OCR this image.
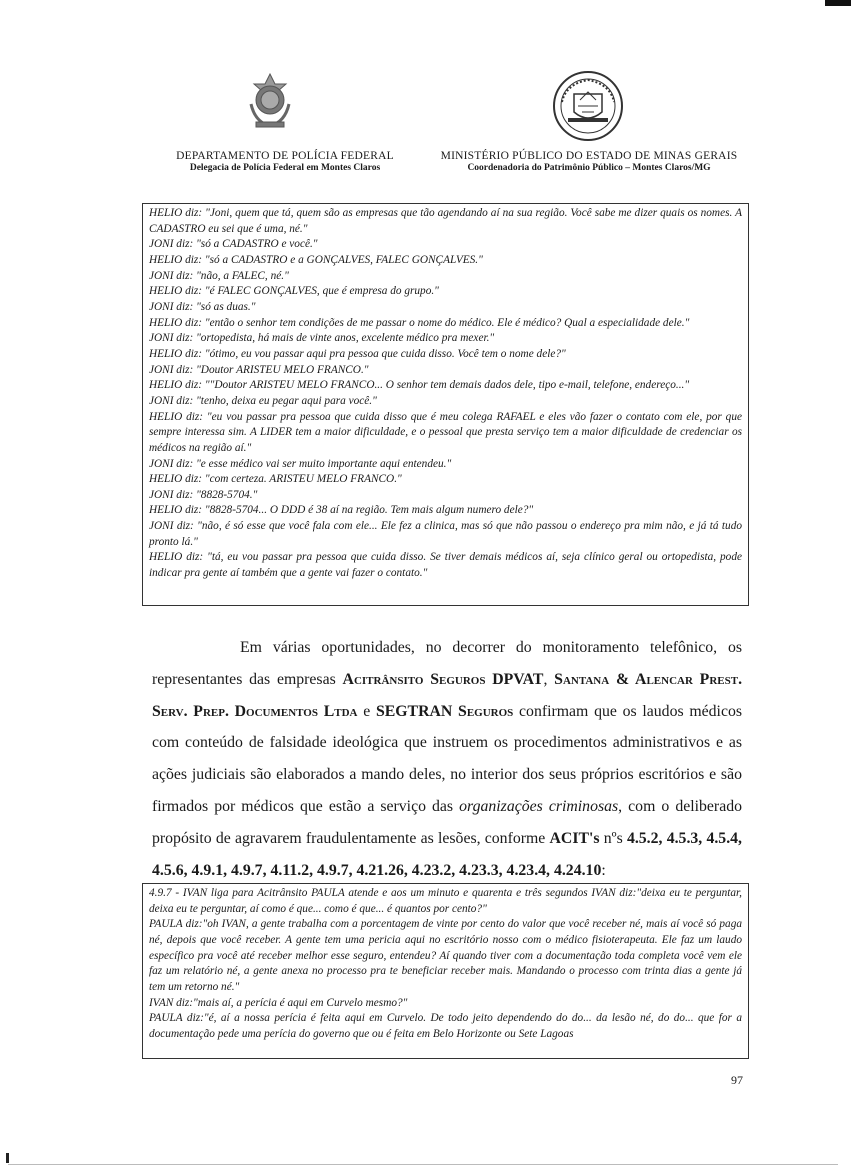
DEPARTAMENTO DE POLÍCIA FEDERAL
Delegacia de Polícia Federal em Montes Claros
MINISTÉRIO PÚBLICO DO ESTADO DE MINAS GERAIS
Coordenadoria do Patrimônio Público – Montes Claros/MG

HELIO diz: "Joni, quem que tá, quem são as empresas que tão agendando aí na sua região. Você sabe me dizer quais os nomes. A CADASTRO eu sei que é uma, né."

JONI diz: "só a CADASTRO e você."

HELIO diz: "só a CADASTRO e a GONÇALVES, FALEC GONÇALVES."

JONI diz: "não, a FALEC, né."

HELIO diz: "é FALEC GONÇALVES, que é empresa do grupo."

JONI diz: "só as duas."

HELIO diz: "então o senhor tem condições de me passar o nome do médico. Ele é médico? Qual a especialidade dele."

JONI diz: "ortopedista, há mais de vinte anos, excelente médico pra mexer."

HELIO diz: "ótimo, eu vou passar aqui pra pessoa que cuida disso. Você tem o nome dele?"

JONI diz: "Doutor ARISTEU MELO FRANCO."

HELIO diz: ""Doutor ARISTEU MELO FRANCO... O senhor tem demais dados dele, tipo e-mail, telefone, endereço..."

JONI diz: "tenho, deixa eu pegar aqui para você."

HELIO diz: "eu vou passar pra pessoa que cuida disso que é meu colega RAFAEL e eles vão fazer o contato com ele, por que sempre interessa sim. A LIDER tem a maior dificuldade, e o pessoal que presta serviço tem a maior dificuldade de credenciar os médicos na região aí."

JONI diz: "e esse médico vai ser muito importante aqui entendeu."

HELIO diz: "com certeza. ARISTEU MELO FRANCO."

JONI diz: "8828-5704."

HELIO diz: "8828-5704... O DDD é 38 aí na região. Tem mais algum numero dele?"

JONI diz: "não, é só esse que você fala com ele... Ele fez a clinica, mas só que não passou o endereço pra mim não, e já tá tudo pronto lá."

HELIO diz: "tá, eu vou passar pra pessoa que cuida disso. Se tiver demais médicos aí, seja clínico geral ou ortopedista, pode indicar pra gente aí também que a gente vai fazer o contato."

Em várias oportunidades, no decorrer do monitoramento telefônico, os representantes das empresas Acitrânsito Seguros DPVAT, Santana & Alencar Prest. Serv. Prep. Documentos Ltda e SEGTRAN Seguros confirmam que os laudos médicos com conteúdo de falsidade ideológica que instruem os procedimentos administrativos e as ações judiciais são elaborados a mando deles, no interior dos seus próprios escritórios e são firmados por médicos que estão a serviço das organizações criminosas, com o deliberado propósito de agravarem fraudulentamente as lesões, conforme ACIT's nºs 4.5.2, 4.5.3, 4.5.4, 4.5.6, 4.9.1, 4.9.7, 4.11.2, 4.9.7, 4.21.26, 4.23.2, 4.23.3, 4.23.4, 4.24.10:

4.9.7 - IVAN liga para Acitrânsito PAULA atende e aos um minuto e quarenta e três segundos IVAN diz:"deixa eu te perguntar, deixa eu te perguntar, aí como é que... como é que... é quantos por cento?"

PAULA diz:"oh IVAN, a gente trabalha com a porcentagem de vinte por cento do valor que você receber né, mais aí você só paga né, depois que você receber. A gente tem uma pericia aqui no escritório nosso com o médico fisioterapeuta. Ele faz um laudo específico pra você até receber melhor esse seguro, entendeu? Aí quando tiver com a documentação toda completa você vem ele faz um relatório né, a gente anexa no processo pra te beneficiar receber mais. Mandando o processo com trinta dias a gente já tem um retorno né."

IVAN diz:"mais aí, a perícia é aqui em Curvelo mesmo?"

PAULA diz:"é, aí a nossa perícia é feita aqui em Curvelo. De todo jeito dependendo do do... da lesão né, do do... que for a documentação pede uma perícia do governo que ou é feita em Belo Horizonte ou Sete Lagoas

97
